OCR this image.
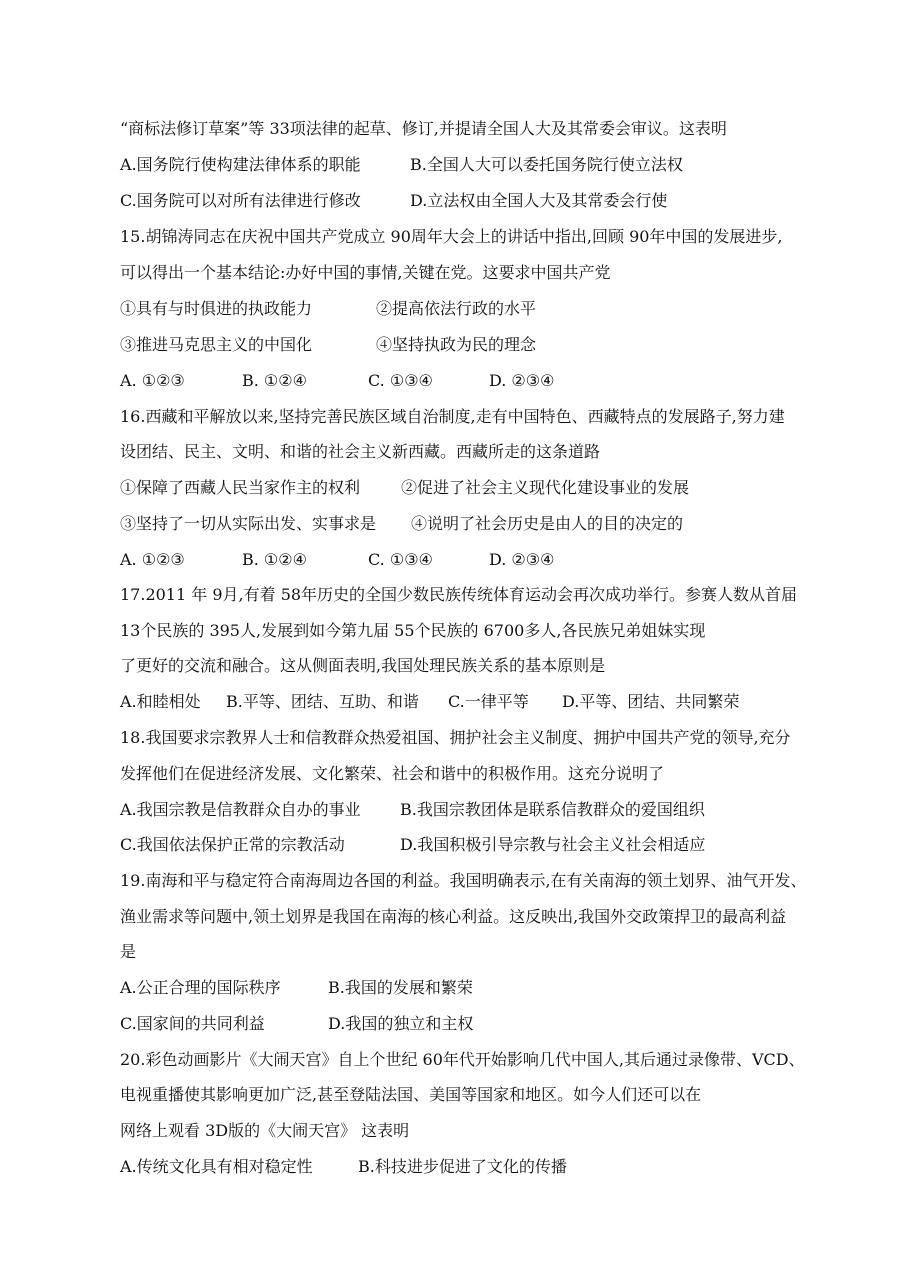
“商标法修订草案”等 33项法律的起草、修订,并提请全国人大及其常委会审议。这表明
A.国务院行使构建法律体系的职能	B.全国人大可以委托国务院行使立法权
C.国务院可以对所有法律进行修改	D.立法权由全国人大及其常委会行使
15.胡锦涛同志在庆祝中国共产党成立 90周年大会上的讲话中指出,回顾 90年中国的发展进步,
可以得出一个基本结论:办好中国的事情,关键在党。这要求中国共产党
①具有与时俱进的执政能力	②提高依法行政的水平
③推进马克思主义的中国化	④坚持执政为民的理念
A. ①②③	B. ①②④	C. ①③④	D. ②③④
16.西藏和平解放以来,坚持完善民族区域自治制度,走有中国特色、西藏特点的发展路子,努力建
设团结、民主、文明、和谐的社会主义新西藏。西藏所走的这条道路
①保障了西藏人民当家作主的权利	②促进了社会主义现代化建设事业的发展
③坚持了一切从实际出发、实事求是 ④说明了社会历史是由人的目的决定的
A. ①②③	B. ①②④	C. ①③④	D. ②③④
17.2011 年 9月,有着 58年历史的全国少数民族传统体育运动会再次成功举行。参赛人数从首届
13个民族的 395人,发展到如今第九届 55个民族的 6700多人,各民族兄弟姐妹实现
了更好的交流和融合。这从侧面表明,我国处理民族关系的基本原则是
A.和睦相处 B.平等、团结、互助、和谐 C.一律平等 D.平等、团结、共同繁荣
18.我国要求宗教界人士和信教群众热爱祖国、拥护社会主义制度、拥护中国共产党的领导,充分
发挥他们在促进经济发展、文化繁荣、社会和谐中的积极作用。这充分说明了
A.我国宗教是信教群众自办的事业 B.我国宗教团体是联系信教群众的爱国组织
C.我国依法保护正常的宗教活动	D.我国积极引导宗教与社会主义社会相适应
19.南海和平与稳定符合南海周边各国的利益。我国明确表示,在有关南海的领土划界、油气开发、
渔业需求等问题中,领土划界是我国在南海的核心利益。这反映出,我国外交政策捍卫的最高利益
是
A.公正合理的国际秩序	B.我国的发展和繁荣
C.国家间的共同利益	D.我国的独立和主权
20.彩色动画影片《大闹天宫》自上个世纪 60年代开始影响几代中国人,其后通过录像带、VCD、
电视重播使其影响更加广泛,甚至登陆法国、美国等国家和地区。如今人们还可以在
网络上观看 3D版的《大闹天宫》 这表明
A.传统文化具有相对稳定性	B.科技进步促进了文化的传播
